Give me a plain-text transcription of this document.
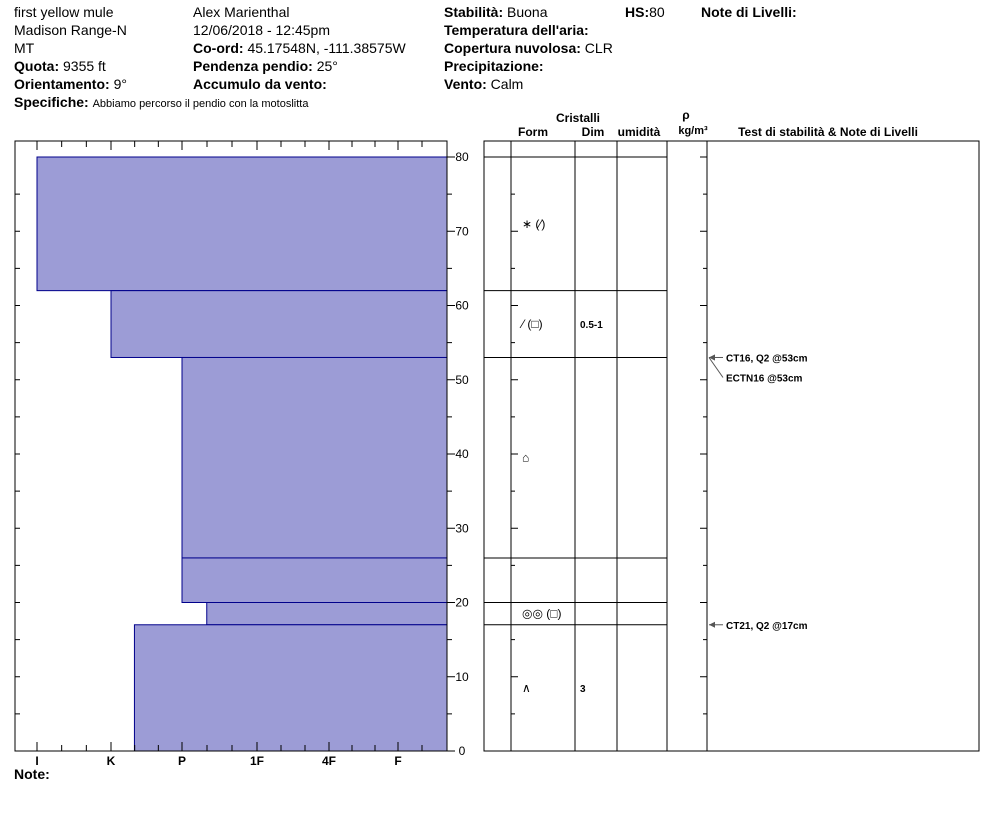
first yellow mule
Madison Range-N
MT
Quota: 9355 ft
Orientamento: 9°
Specifiche: Abbiamo percorso il pendio con la motoslitta
Alex Marienthal
12/06/2018 - 12:45pm
Co-ord: 45.17548N, -111.38575W
Pendenza pendio: 25°
Accumulo da vento:
Stabilità: Buona
Temperatura dell'aria:
Copertura nuvolosa: CLR
Precipitazione:
Vento: Calm
HS:80	Note di Livelli:
Note:
Cristalli
Form	Dim umidità
ρ
kg/m³	Test di stabilità & Note di Livelli
0
10
20
30
40
50
60
70
80
I	K	P	1F	4F	F
∗ (⁄)
⁄ (□)	0.5-1
⌂
◎◎ (□)
∧	3
CT16, Q2 @53cm
ECTN16 @53cm
CT21, Q2 @17cm
